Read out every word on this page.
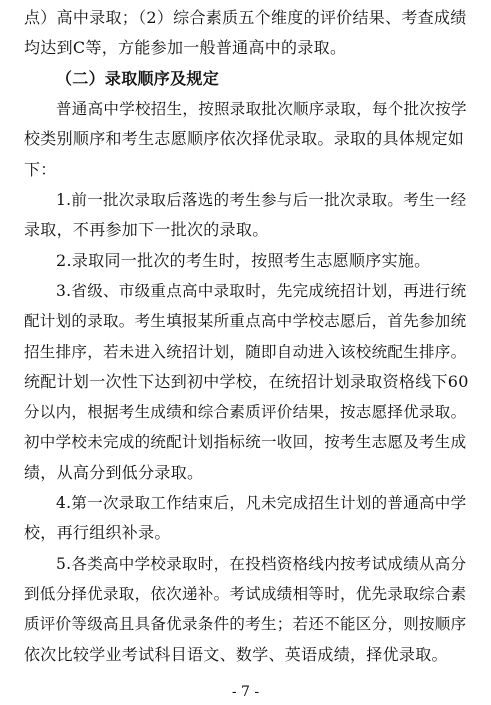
点）高中录取；（2）综合素质五个维度的评价结果、考查成绩
均达到C等，方能参加一般普通高中的录取。
（二）录取顺序及规定
普通高中学校招生，按照录取批次顺序录取，每个批次按学
校类别顺序和考生志愿顺序依次择优录取。录取的具体规定如
下：
1.前一批次录取后落选的考生参与后一批次录取。考生一经
录取，不再参加下一批次的录取。
2.录取同一批次的考生时，按照考生志愿顺序实施。
3.省级、市级重点高中录取时，先完成统招计划，再进行统
配计划的录取。考生填报某所重点高中学校志愿后，首先参加统
招生排序，若未进入统招计划，随即自动进入该校统配生排序。
统配计划一次性下达到初中学校，在统招计划录取资格线下60
分以内，根据考生成绩和综合素质评价结果，按志愿择优录取。
初中学校未完成的统配计划指标统一收回，按考生志愿及考生成
绩，从高分到低分录取。
4.第一次录取工作结束后，凡未完成招生计划的普通高中学
校，再行组织补录。
5.各类高中学校录取时，在投档资格线内按考试成绩从高分
到低分择优录取，依次递补。考试成绩相等时，优先录取综合素
质评价等级高且具备优录条件的考生；若还不能区分，则按顺序
依次比较学业考试科目语文、数学、英语成绩，择优录取。
- 7 -
